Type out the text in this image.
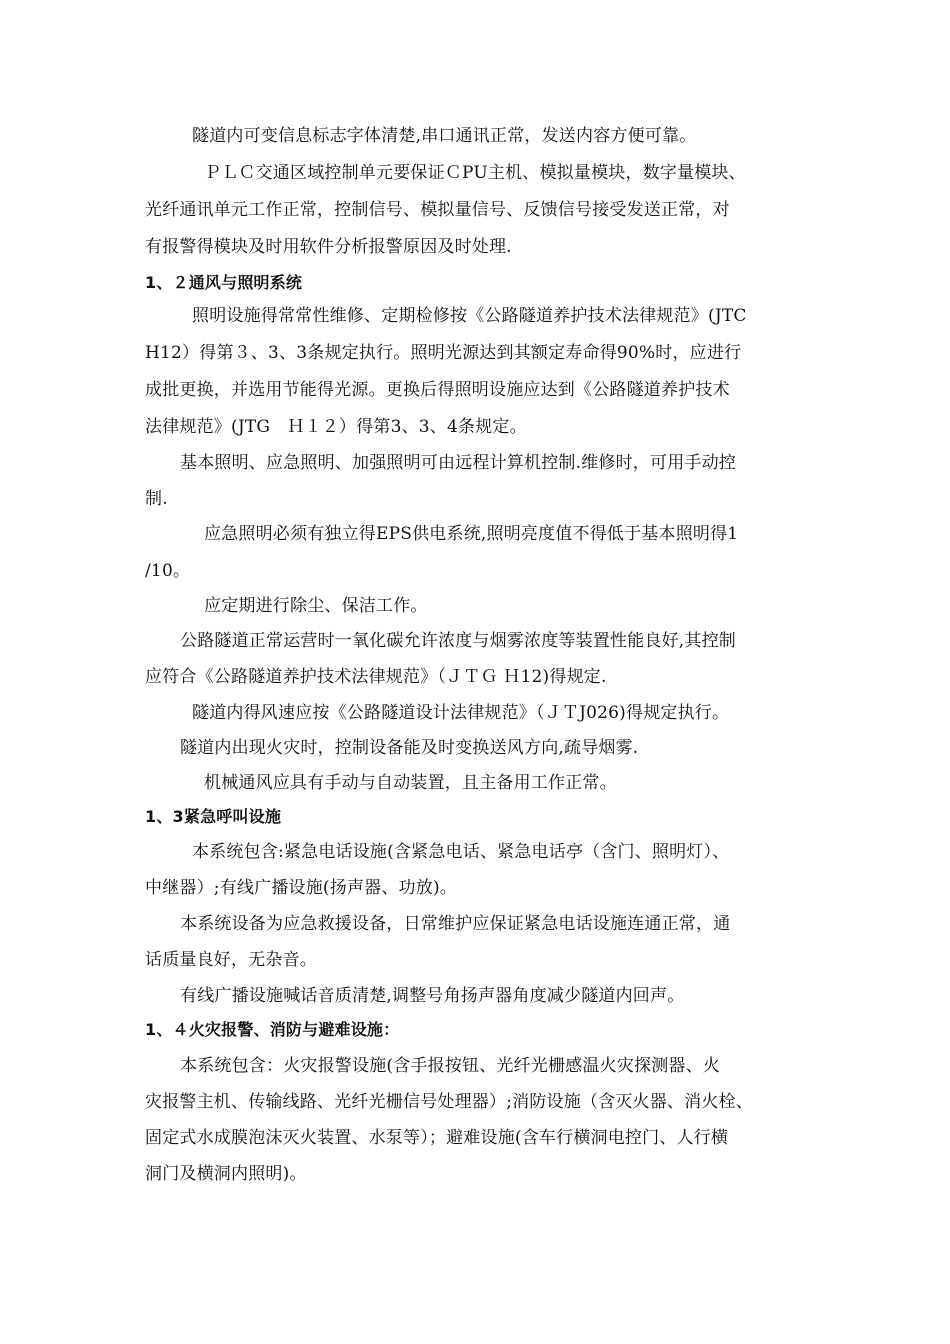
隧道内可变信息标志字体清楚,串口通讯正常，发送内容方便可靠。
ＰＬＣ交通区域控制单元要保证ＣPU主机、模拟量模块，数字量模块、
光纤通讯单元工作正常，控制信号、模拟量信号、反馈信号接受发送正常，对
有报警得模块及时用软件分析报警原因及时处理.
1、２通风与照明系统
照明设施得常常性维修、定期检修按《公路隧道养护技术法律规范》(JTC
H12）得第３、3、3条规定执行。照明光源达到其额定寿命得90%时，应进行
成批更换，并选用节能得光源。更换后得照明设施应达到《公路隧道养护技术
法律规范》(JTG　Ｈ１２）得第3、3、4条规定。
基本照明、应急照明、加强照明可由远程计算机控制.维修时，可用手动控
制.
应急照明必须有独立得EPS供电系统,照明亮度值不得低于基本照明得1
/10。
应定期进行除尘、保洁工作。
公路隧道正常运营时一氧化碳允许浓度与烟雾浓度等装置性能良好,其控制
应符合《公路隧道养护技术法律规范》（ＪＴＧ Ｈ12)得规定.
隧道内得风速应按《公路隧道设计法律规范》（ＪＴJ026)得规定执行。
隧道内出现火灾时，控制设备能及时变换送风方向,疏导烟雾.
机械通风应具有手动与自动装置，且主备用工作正常。
1、3紧急呼叫设施
本系统包含:紧急电话设施(含紧急电话、紧急电话亭（含门、照明灯）、
中继器）;有线广播设施(扬声器、功放)。
本系统设备为应急救援设备，日常维护应保证紧急电话设施连通正常，通
话质量良好，无杂音。
有线广播设施喊话音质清楚,调整号角扬声器角度减少隧道内回声。
1、４火灾报警、消防与避难设施：
本系统包含：火灾报警设施(含手报按钮、光纤光栅感温火灾探测器、火
灾报警主机、传输线路、光纤光栅信号处理器）;消防设施（含灭火器、消火栓、
固定式水成膜泡沫灭火装置、水泵等）；避难设施(含车行横洞电控门、人行横
洞门及横洞内照明)。
